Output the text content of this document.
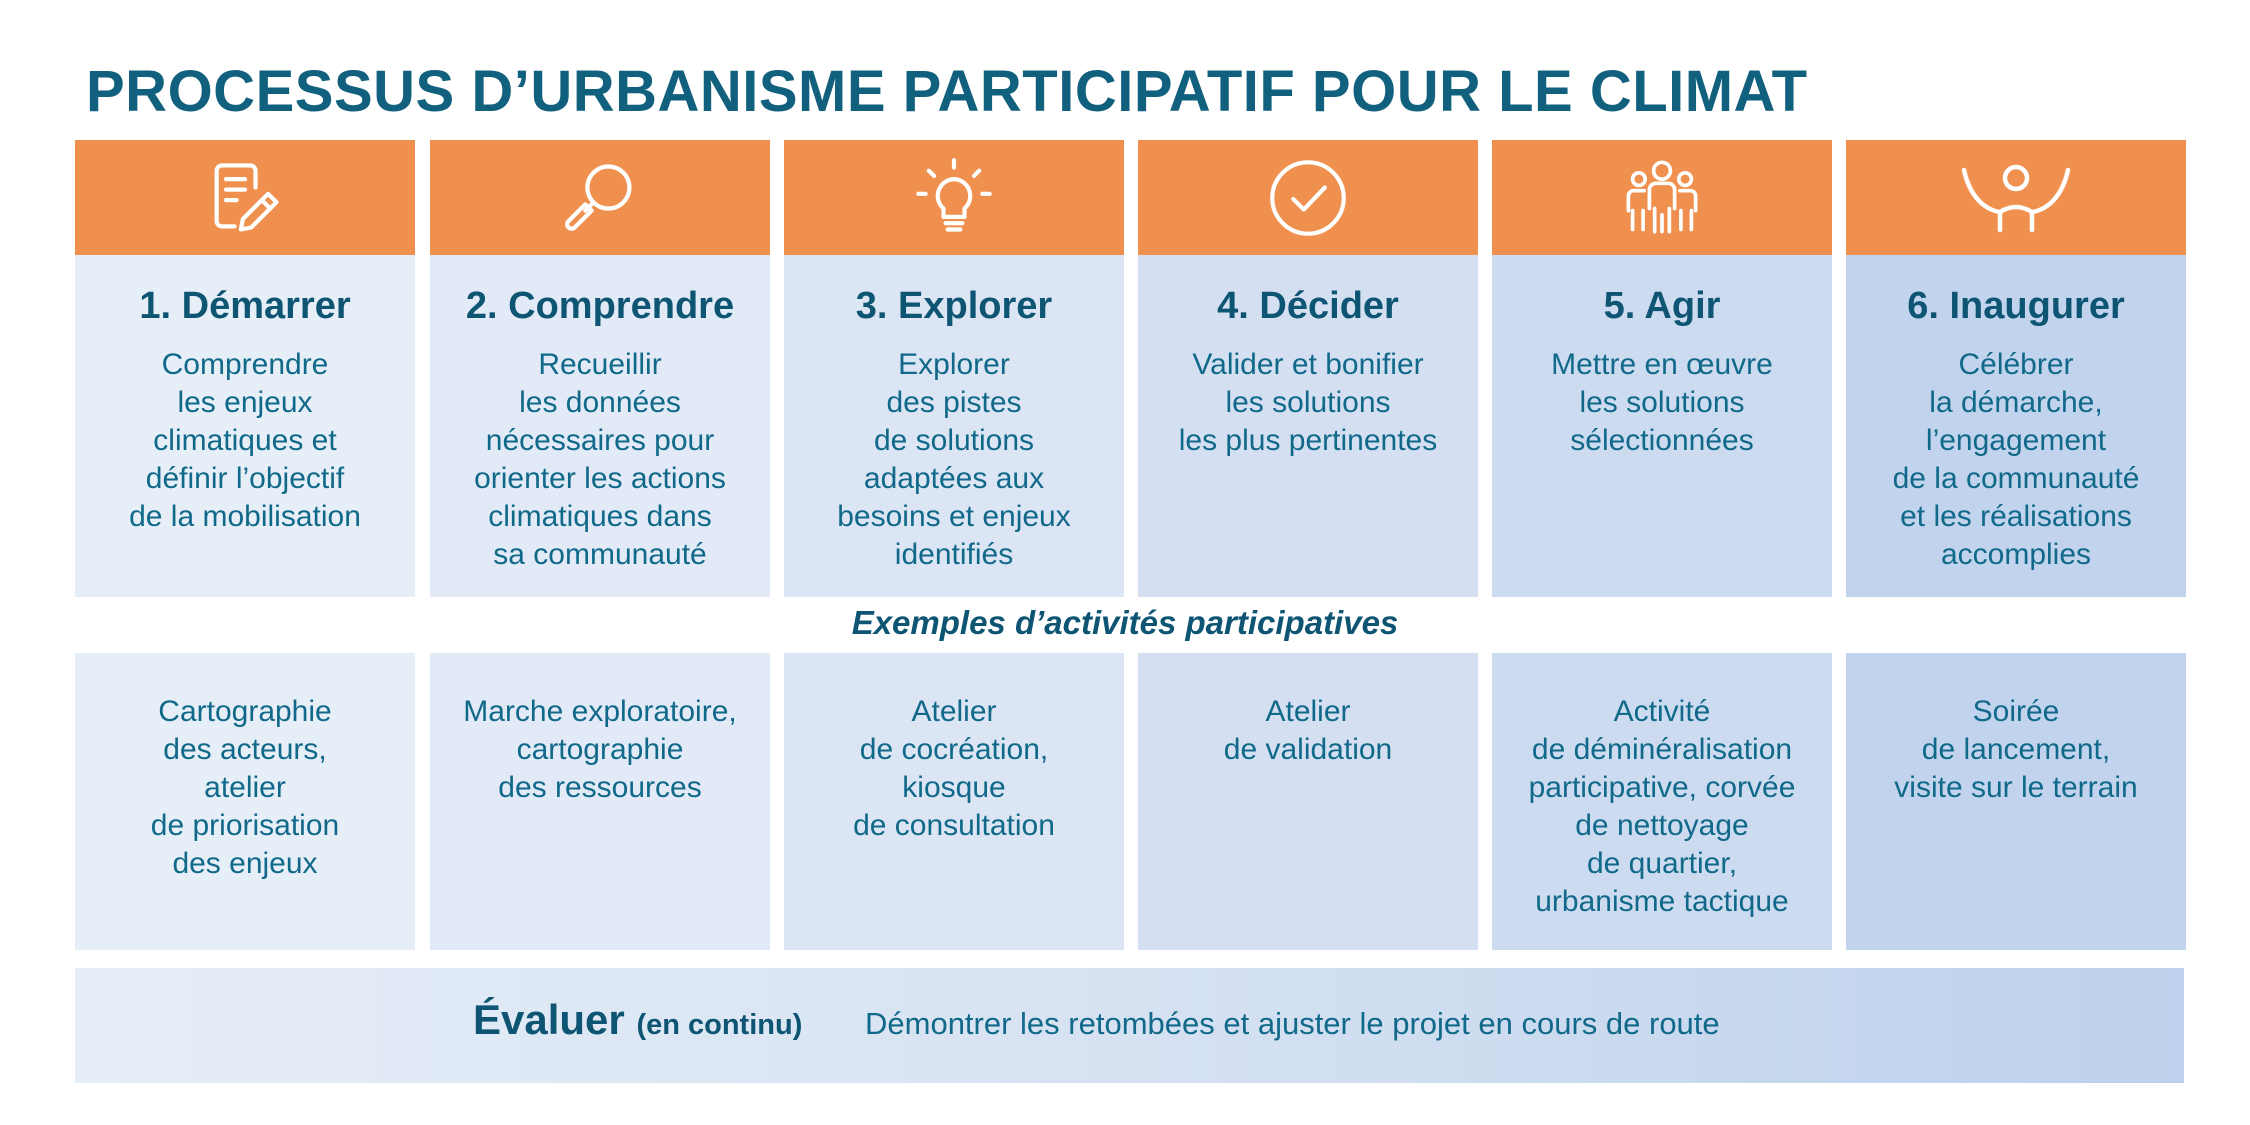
PROCESSUS D’URBANISME PARTICIPATIF POUR LE CLIMAT
1. Démarrer
Comprendre
les enjeux
climatiques et
définir l’objectif
de la mobilisation
2. Comprendre
Recueillir
les données
nécessaires pour
orienter les actions
climatiques dans
sa communauté
3. Explorer
Explorer
des pistes
de solutions
adaptées aux
besoins et enjeux
identifiés
4. Décider
Valider et bonifier
les solutions
les plus pertinentes
5. Agir
Mettre en œuvre
les solutions
sélectionnées
6. Inaugurer
Célébrer
la démarche,
l’engagement
de la communauté
et les réalisations
accomplies
Exemples d’activités participatives
Cartographie
des acteurs,
atelier
de priorisation
des enjeux
Marche exploratoire,
cartographie
des ressources
Atelier
de cocréation,
kiosque
de consultation
Atelier
de validation
Activité
de déminéralisation
participative, corvée
de nettoyage
de quartier,
urbanisme tactique
Soirée
de lancement,
visite sur le terrain
Évaluer (en continu) Démontrer les retombées et ajuster le projet en cours de route
